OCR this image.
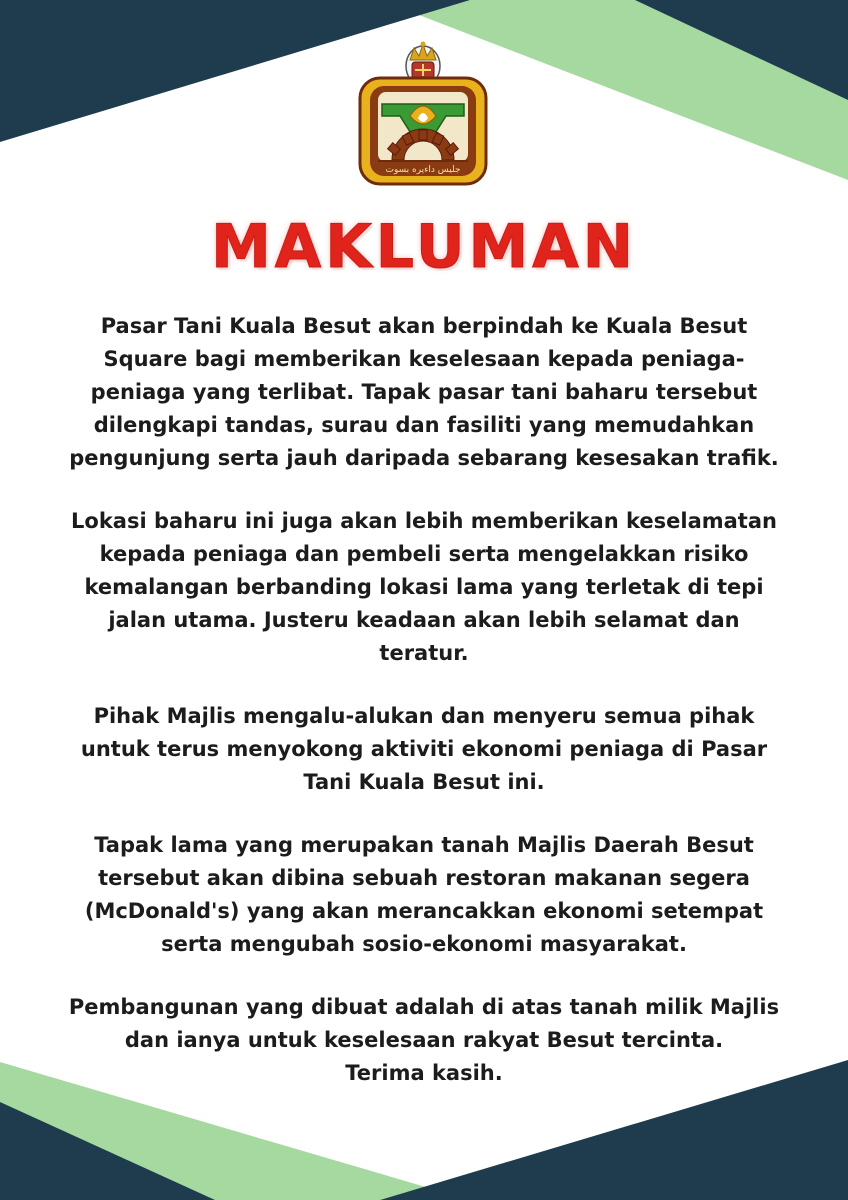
جليس داءيره بسوت
MAKLUMAN

Pasar Tani Kuala Besut akan berpindah ke Kuala Besut
Square bagi memberikan keselesaan kepada peniaga-
peniaga yang terlibat. Tapak pasar tani baharu tersebut
dilengkapi tandas, surau dan fasiliti yang memudahkan
pengunjung serta jauh daripada sebarang kesesakan trafik.

Lokasi baharu ini juga akan lebih memberikan keselamatan
kepada peniaga dan pembeli serta mengelakkan risiko
kemalangan berbanding lokasi lama yang terletak di tepi
jalan utama. Justeru keadaan akan lebih selamat dan
teratur.

Pihak Majlis mengalu-alukan dan menyeru semua pihak
untuk terus menyokong aktiviti ekonomi peniaga di Pasar
Tani Kuala Besut ini.

Tapak lama yang merupakan tanah Majlis Daerah Besut
tersebut akan dibina sebuah restoran makanan segera
(McDonald's) yang akan merancakkan ekonomi setempat
serta mengubah sosio-ekonomi masyarakat.

Pembangunan yang dibuat adalah di atas tanah milik Majlis
dan ianya untuk keselesaan rakyat Besut tercinta.
Terima kasih.
